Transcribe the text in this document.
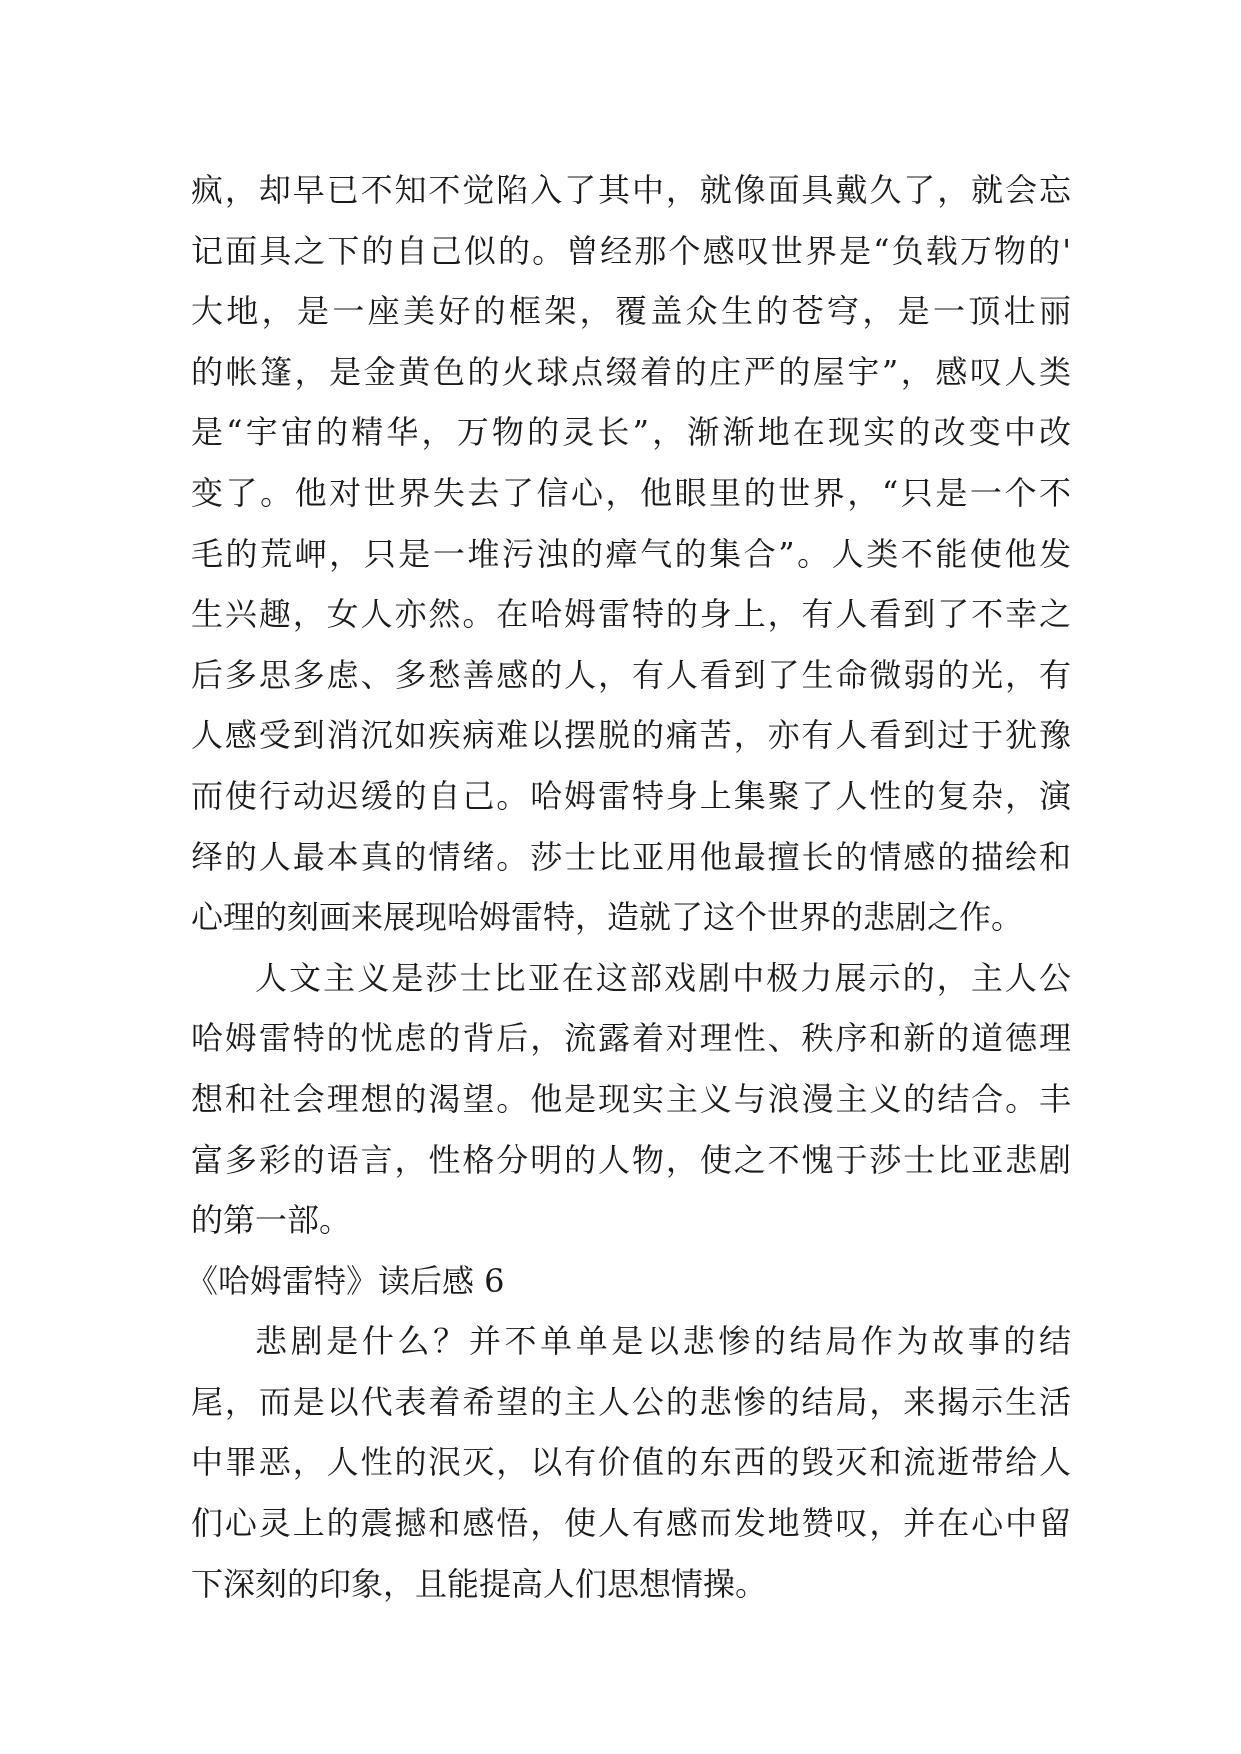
疯，却早已不知不觉陷入了其中，就像面具戴久了，就会忘
记面具之下的自己似的。曾经那个感叹世界是“负载万物的'
大地，是一座美好的框架，覆盖众生的苍穹，是一顶壮丽
的帐篷，是金黄色的火球点缀着的庄严的屋宇”，感叹人类
是“宇宙的精华，万物的灵长”，渐渐地在现实的改变中改
变了。他对世界失去了信心，他眼里的世界，“只是一个不
毛的荒岬，只是一堆污浊的瘴气的集合”。人类不能使他发
生兴趣，女人亦然。在哈姆雷特的身上，有人看到了不幸之
后多思多虑、多愁善感的人，有人看到了生命微弱的光，有
人感受到消沉如疾病难以摆脱的痛苦，亦有人看到过于犹豫
而使行动迟缓的自己。哈姆雷特身上集聚了人性的复杂，演
绎的人最本真的情绪。莎士比亚用他最擅长的情感的描绘和
心理的刻画来展现哈姆雷特，造就了这个世界的悲剧之作。
人文主义是莎士比亚在这部戏剧中极力展示的，主人公
哈姆雷特的忧虑的背后，流露着对理性、秩序和新的道德理
想和社会理想的渴望。他是现实主义与浪漫主义的结合。丰
富多彩的语言，性格分明的人物，使之不愧于莎士比亚悲剧
的第一部。
《哈姆雷特》读后感 6
悲剧是什么？并不单单是以悲惨的结局作为故事的结
尾，而是以代表着希望的主人公的悲惨的结局，来揭示生活
中罪恶，人性的泯灭，以有价值的东西的毁灭和流逝带给人
们心灵上的震撼和感悟，使人有感而发地赞叹，并在心中留
下深刻的印象，且能提高人们思想情操。
